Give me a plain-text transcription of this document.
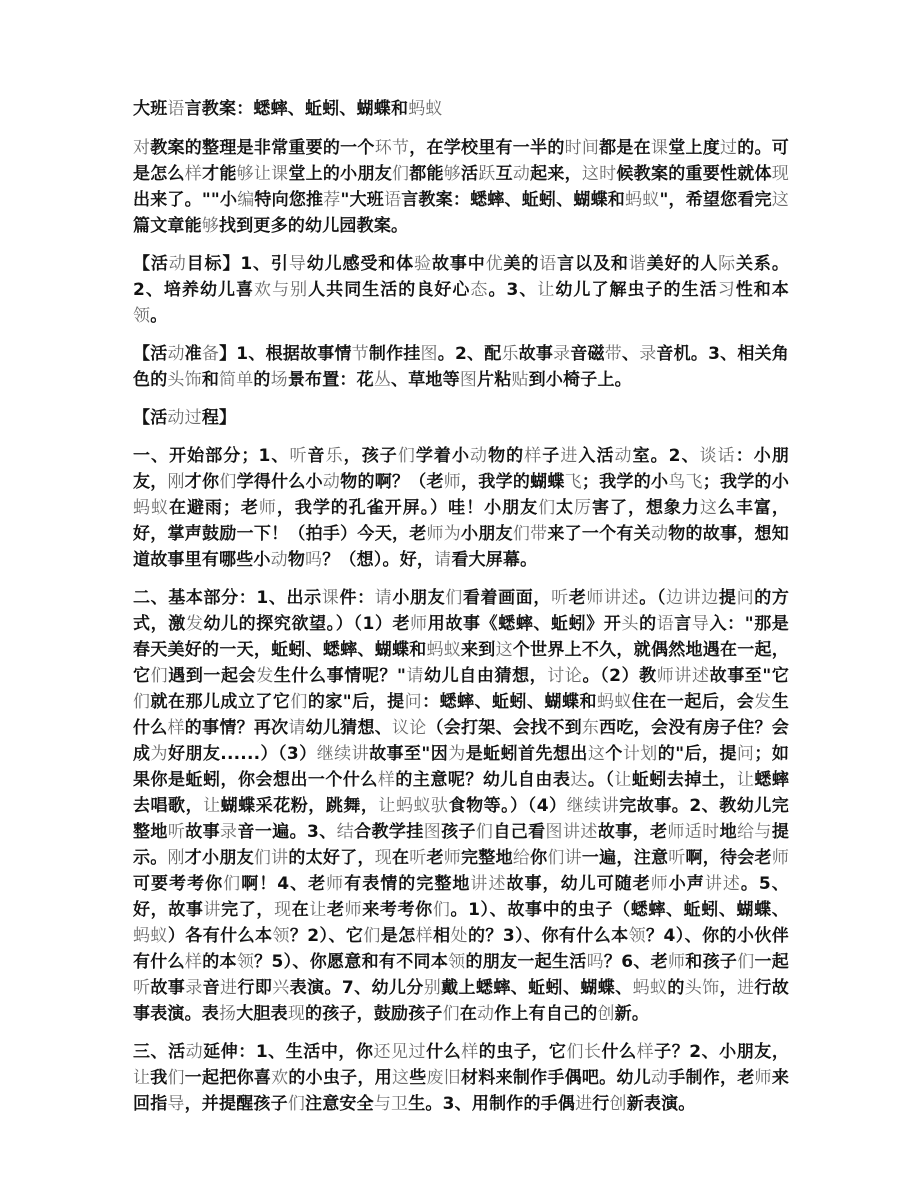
大班语言教案：蟋蟀、蚯蚓、蝴蝶和蚂蚁

对教案的整理是非常重要的一个环节，在学校里有一半的时间都是在课堂上度过的。可是怎么样才能够让课堂上的小朋友们都能够活跃互动起来，这时候教案的重要性就体现出来了。""小编特向您推荐"大班语言教案：蟋蟀、蚯蚓、蝴蝶和蚂蚁"，希望您看完这篇文章能够找到更多的幼儿园教案。

【活动目标】1、引导幼儿感受和体验故事中优美的语言以及和谐美好的人际关系。2、培养幼儿喜欢与别人共同生活的良好心态。3、让幼儿了解虫子的生活习性和本领。

【活动准备】1、根据故事情节制作挂图。2、配乐故事录音磁带、录音机。3、相关角色的头饰和简单的场景布置：花丛、草地等图片粘贴到小椅子上。

【活动过程】

一、开始部分；1、听音乐，孩子们学着小动物的样子进入活动室。2、谈话：小朋友，刚才你们学得什么小动物的啊？（老师，我学的蝴蝶飞；我学的小鸟飞；我学的小蚂蚁在避雨；老师，我学的孔雀开屏。）哇！小朋友们太厉害了，想象力这么丰富，好，掌声鼓励一下！（拍手）今天，老师为小朋友们带来了一个有关动物的故事，想知道故事里有哪些小动物吗？（想）。好，请看大屏幕。

二、基本部分：1、出示课件：请小朋友们看着画面，听老师讲述。（边讲边提问的方式，激发幼儿的探究欲望。）（1）老师用故事《蟋蟀、蚯蚓》开头的语言导入："那是春天美好的一天，蚯蚓、蟋蟀、蝴蝶和蚂蚁来到这个世界上不久，就偶然地遇在一起，它们遇到一起会发生什么事情呢？"请幼儿自由猜想，讨论。（2）教师讲述故事至"它们就在那儿成立了它们的家"后，提问：蟋蟀、蚯蚓、蝴蝶和蚂蚁住在一起后，会发生什么样的事情？再次请幼儿猜想、议论（会打架、会找不到东西吃，会没有房子住？会成为好朋友......）（3）继续讲故事至"因为是蚯蚓首先想出这个计划的"后，提问；如果你是蚯蚓，你会想出一个什么样的主意呢？幼儿自由表达。（让蚯蚓去掉土，让蟋蟀去唱歌，让蝴蝶采花粉，跳舞，让蚂蚁驮食物等。）（4）继续讲完故事。2、教幼儿完整地听故事录音一遍。3、结合教学挂图孩子们自己看图讲述故事，老师适时地给与提示。刚才小朋友们讲的太好了，现在听老师完整地给你们讲一遍，注意听啊，待会老师可要考考你们啊！4、老师有表情的完整地讲述故事，幼儿可随老师小声讲述。5、好，故事讲完了，现在让老师来考考你们。1）、故事中的虫子（蟋蟀、蚯蚓、蝴蝶、蚂蚁）各有什么本领？2）、它们是怎样相处的？3）、你有什么本领？4）、你的小伙伴有什么样的本领？5）、你愿意和有不同本领的朋友一起生活吗？6、老师和孩子们一起听故事录音进行即兴表演。7、幼儿分别戴上蟋蟀、蚯蚓、蝴蝶、蚂蚁的头饰，进行故事表演。表扬大胆表现的孩子，鼓励孩子们在动作上有自己的创新。

三、活动延伸：1、生活中，你还见过什么样的虫子，它们长什么样子？2、小朋友，让我们一起把你喜欢的小虫子，用这些废旧材料来制作手偶吧。幼儿动手制作，老师来回指导，并提醒孩子们注意安全与卫生。3、用制作的手偶进行创新表演。
